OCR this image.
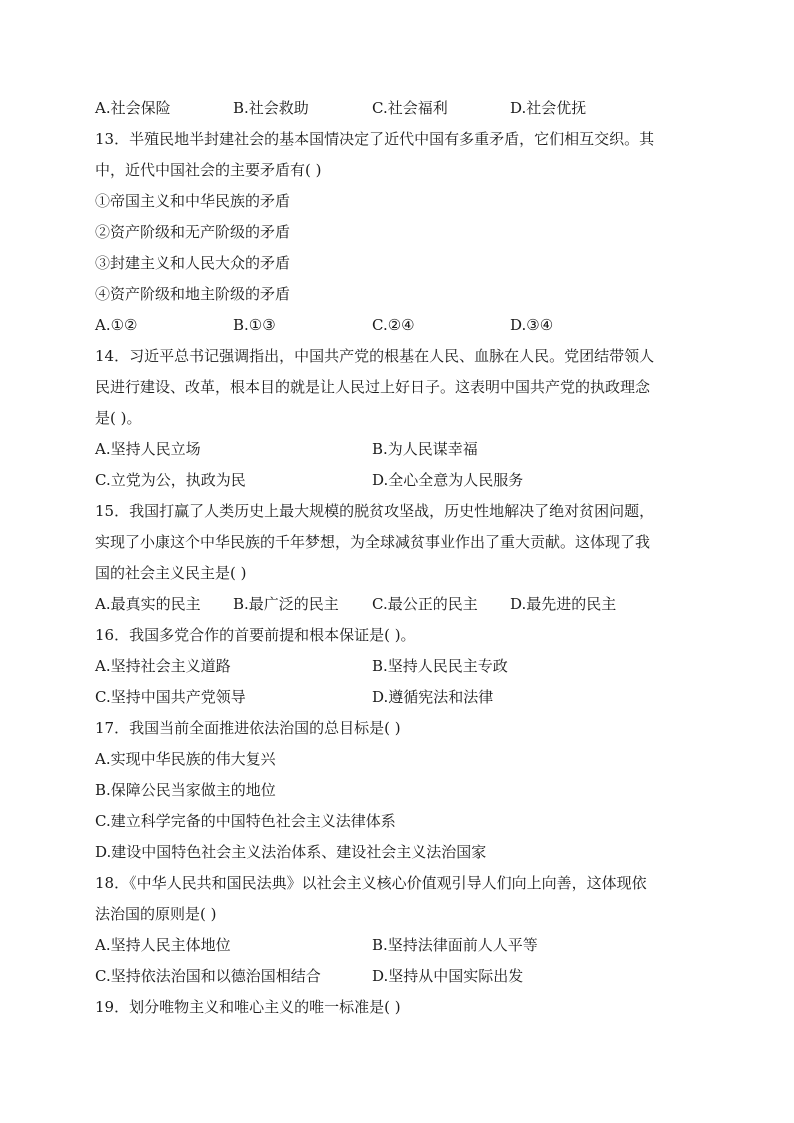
A.社会保险	B.社会救助	C.社会福利	D.社会优抚
13．半殖民地半封建社会的基本国情决定了近代中国有多重矛盾，它们相互交织。其
中，近代中国社会的主要矛盾有( )
①帝国主义和中华民族的矛盾
②资产阶级和无产阶级的矛盾
③封建主义和人民大众的矛盾
④资产阶级和地主阶级的矛盾
A.①②	B.①③	C.②④	D.③④
14．习近平总书记强调指出，中国共产党的根基在人民、血脉在人民。党团结带领人
民进行建设、改革，根本目的就是让人民过上好日子。这表明中国共产党的执政理念
是( )。
A.坚持人民立场	B.为人民谋幸福
C.立党为公，执政为民	D.全心全意为人民服务
15．我国打赢了人类历史上最大规模的脱贫攻坚战，历史性地解决了绝对贫困问题，
实现了小康这个中华民族的千年梦想，为全球减贫事业作出了重大贡献。这体现了我
国的社会主义民主是( )
A.最真实的民主 B.最广泛的民主 C.最公正的民主 D.最先进的民主
16．我国多党合作的首要前提和根本保证是( )。
A.坚持社会主义道路	B.坚持人民民主专政
C.坚持中国共产党领导	D.遵循宪法和法律
17．我国当前全面推进依法治国的总目标是( )
A.实现中华民族的伟大复兴
B.保障公民当家做主的地位
C.建立科学完备的中国特色社会主义法律体系
D.建设中国特色社会主义法治体系、建设社会主义法治国家
18．《中华人民共和国民法典》以社会主义核心价值观引导人们向上向善，这体现依
法治国的原则是( )
A.坚持人民主体地位	B.坚持法律面前人人平等
C.坚持依法治国和以德治国相结合	D.坚持从中国实际出发
19．划分唯物主义和唯心主义的唯一标准是( )
